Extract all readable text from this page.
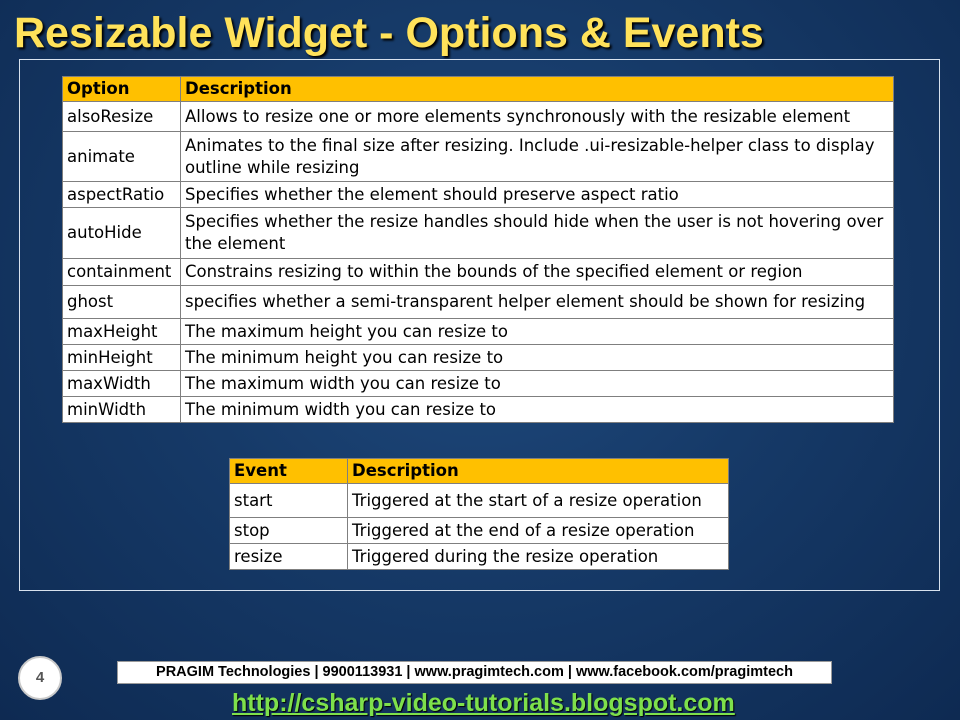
Resizable Widget - Options & Events
Option	Description
alsoResize	Allows to resize one or more elements synchronously with the resizable element
animate	Animates to the final size after resizing. Include .ui-resizable-helper class to display outline while resizing
aspectRatio	Specifies whether the element should preserve aspect ratio
autoHide	Specifies whether the resize handles should hide when the user is not hovering over the element
containment	Constrains resizing to within the bounds of the specified element or region
ghost	specifies whether a semi-transparent helper element should be shown for resizing
maxHeight	The maximum height you can resize to
minHeight	The minimum height you can resize to
maxWidth	The maximum width you can resize to
minWidth	The minimum width you can resize to
Event	Description
start	Triggered at the start of a resize operation
stop	Triggered at the end of a resize operation
resize	Triggered during the resize operation
4	PRAGIM Technologies | 9900113931 | www.pragimtech.com | www.facebook.com/pragimtech
http://csharp-video-tutorials.blogspot.com
